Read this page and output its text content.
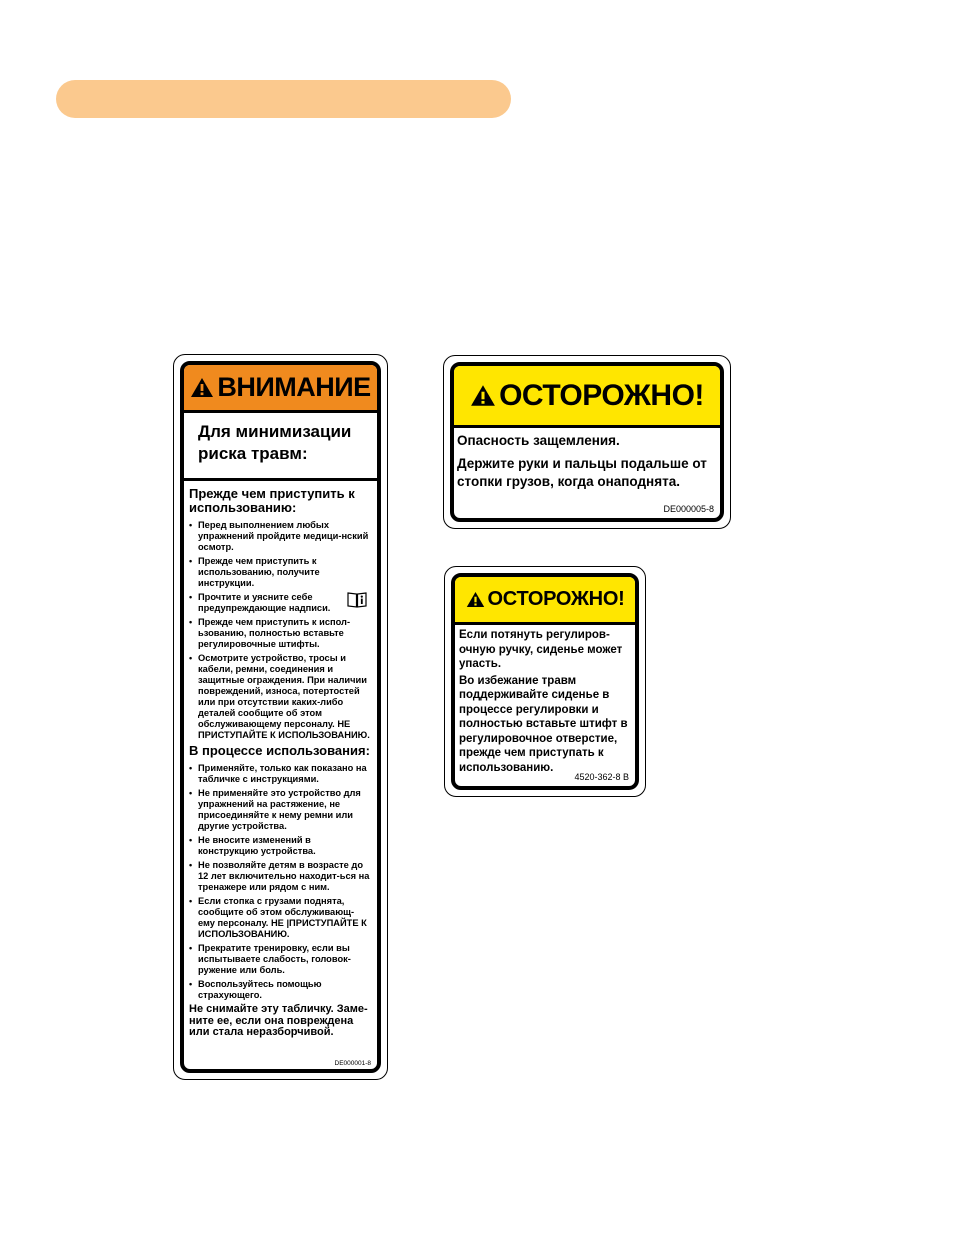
ВНИМАНИЕ
Для минимизации
риска травм:
Прежде чем приступить к использованию:
• Перед выполнением любых упражнений пройдите медици-нский осмотр.
• Прежде чем приступить к использованию, получите инструкции.
• Прочтите и уясните себе предупреждающие надписи.
• Прежде чем приступить к испол-ьзованию, полностью вставьте регулировочные штифты.
• Осмотрите устройство, тросы и кабели, ремни, соединения и защитные ограждения. При наличии повреждений, износа, потертостей или при отсутствии каких-либо деталей сообщите об этом обслуживающему персоналу. НЕ ПРИСТУПАЙТЕ К ИСПОЛЬЗОВАНИЮ.
В процессе использования:
• Применяйте, только как показано на табличке с инструкциями.
• Не применяйте это устройство для упражнений на растяжение, не присоединяйте к нему ремни или другие устройства.
• Не вносите изменений в конструкцию устройства.
• Не позволяйте детям в возрасте до 12 лет включительно находит-ься на тренажере или рядом с ним.
• Если стопка с грузами поднята, сообщите об этом обслуживающ-ему персоналу. НЕ |ПРИСТУПАЙТЕ К ИСПОЛЬЗОВАНИЮ.
• Прекратите тренировку, если вы испытываете слабость, головок-ружение или боль.
• Воспользуйтесь помощью страхующего.
Не снимайте эту табличку. Заме-ните ее, если она повреждена или стала неразборчивой.
DE000001-8
ОСТОРОЖНО!

Опасность защемления.

Держите руки и пальцы подальше от стопки грузов, когда онаподнята.

DE000005-8
ОСТОРОЖНО!

Если потянуть регулиров-очную ручку, сиденье может упасть.

Во избежание травм поддерживайте сиденье в процессе регулировки и полностью вставьте штифт в регулировочное отверстие, прежде чем приступать к использованию.

4520-362-8 B
